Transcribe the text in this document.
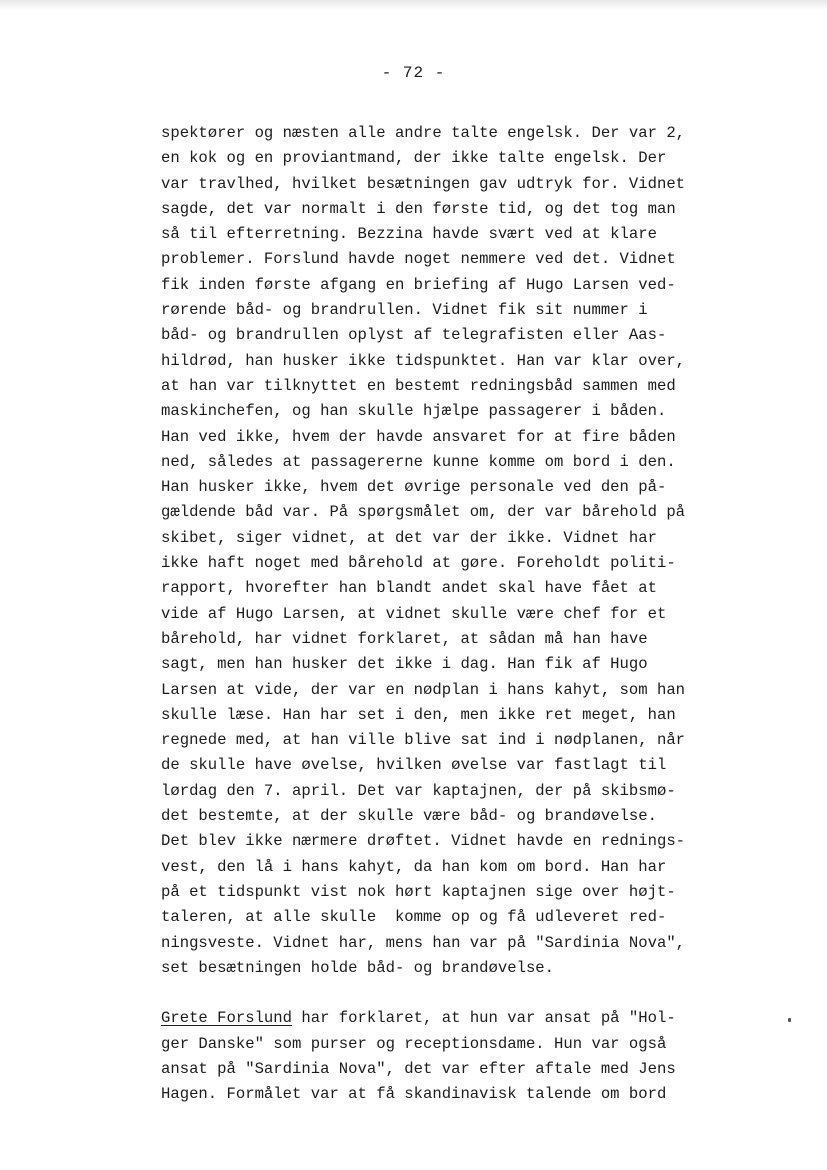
- 72 -
spektører og næsten alle andre talte engelsk. Der var 2,
en kok og en proviantmand, der ikke talte engelsk. Der
var travlhed, hvilket besætningen gav udtryk for. Vidnet
sagde, det var normalt i den første tid, og det tog man
så til efterretning. Bezzina havde svært ved at klare
problemer. Forslund havde noget nemmere ved det. Vidnet
fik inden første afgang en briefing af Hugo Larsen ved-
rørende båd- og brandrullen. Vidnet fik sit nummer i
båd- og brandrullen oplyst af telegrafisten eller Aas-
hildrød, han husker ikke tidspunktet. Han var klar over,
at han var tilknyttet en bestemt redningsbåd sammen med
maskinchefen, og han skulle hjælpe passagerer i båden.
Han ved ikke, hvem der havde ansvaret for at fire båden
ned, således at passagererne kunne komme om bord i den.
Han husker ikke, hvem det øvrige personale ved den på-
gældende båd var. På spørgsmålet om, der var bårehold på
skibet, siger vidnet, at det var der ikke. Vidnet har
ikke haft noget med bårehold at gøre. Foreholdt politi-
rapport, hvorefter han blandt andet skal have fået at
vide af Hugo Larsen, at vidnet skulle være chef for et
bårehold, har vidnet forklaret, at sådan må han have
sagt, men han husker det ikke i dag. Han fik af Hugo
Larsen at vide, der var en nødplan i hans kahyt, som han
skulle læse. Han har set i den, men ikke ret meget, han
regnede med, at han ville blive sat ind i nødplanen, når
de skulle have øvelse, hvilken øvelse var fastlagt til
lørdag den 7. april. Det var kaptajnen, der på skibsmø-
det bestemte, at der skulle være båd- og brandøvelse.
Det blev ikke nærmere drøftet. Vidnet havde en rednings-
vest, den lå i hans kahyt, da han kom om bord. Han har
på et tidspunkt vist nok hørt kaptajnen sige over højt-
taleren, at alle skulle  komme op og få udleveret red-
ningsveste. Vidnet har, mens han var på "Sardinia Nova",
set besætningen holde båd- og brandøvelse.
Grete Forslund har forklaret, at hun var ansat på "Hol-
ger Danske" som purser og receptionsdame. Hun var også
ansat på "Sardinia Nova", det var efter aftale med Jens
Hagen. Formålet var at få skandinavisk talende om bord
